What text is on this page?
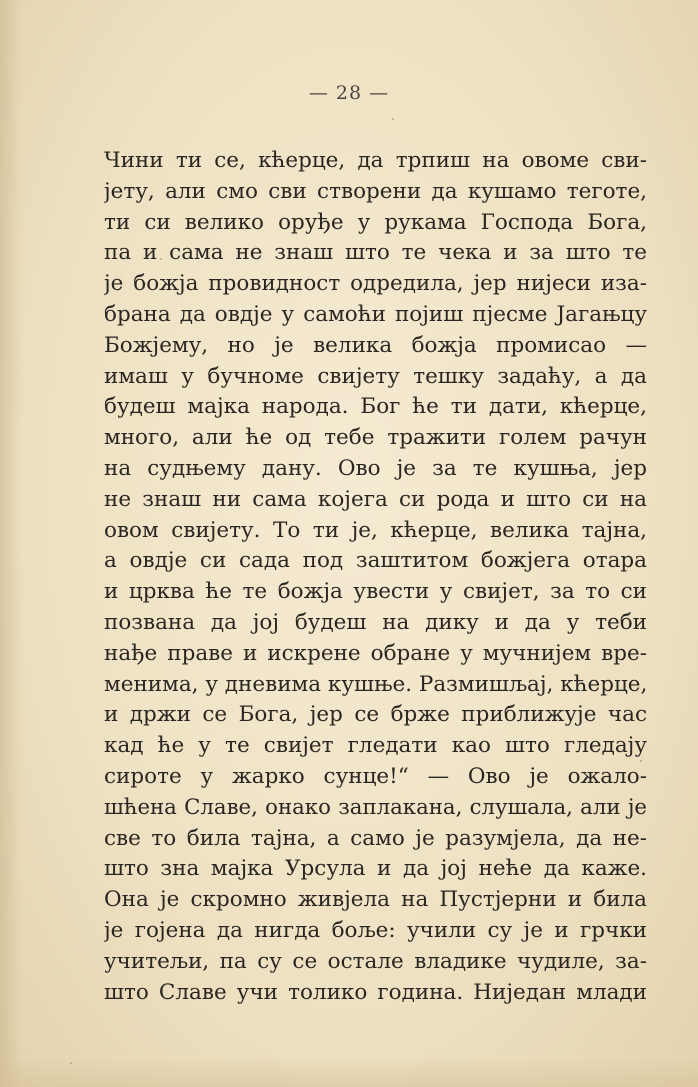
— 28 —
Чини ти се, кћерце, да трпиш на овоме сви-
јету, али смо сви створени да кушамо теготе,
ти си велико оруђе у рукама Господа Бога,
па и сама не знаш што те чека и за што те
је божја провидност одредила, јер нијеси иза-
брана да овдје у самоћи појиш пјесме Јагањцу
Божјему, но је велика божја промисао —
имаш у бучноме свијету тешку задаћу, а да
будеш мајка народа. Бог ће ти дати, кћерце,
много, али ће од тебе тражити голем рачун
на судњему дану. Ово је за те кушња, јер
не знаш ни сама којега си рода и што си на
овом свијету. То ти је, кћерце, велика тајна,
а овдје си сада под заштитом божјега отара
и црква ће те божја увести у свијет, за то си
позвана да јој будеш на дику и да у теби
нађе праве и искрене обране у мучнијем вре-
менима, у дневима кушње. Размишљај, кћерце,
и држи се Бога, јер се брже приближује час
кад ће у те свијет гледати као што гледају
сироте у жарко сунце!“ — Ово је ожало-
шћена Славе, онако заплакана, слушала, али је
све то била тајна, а само је разумјела, да не-
што зна мајка Урсула и да јој неће да каже.
Она је скромно живјела на Пустјерни и била
је гојена да нигда боље: учили су је и грчки
учитељи, па су се остале владике чудиле, за-
што Славе учи толико година. Ниједан млади
